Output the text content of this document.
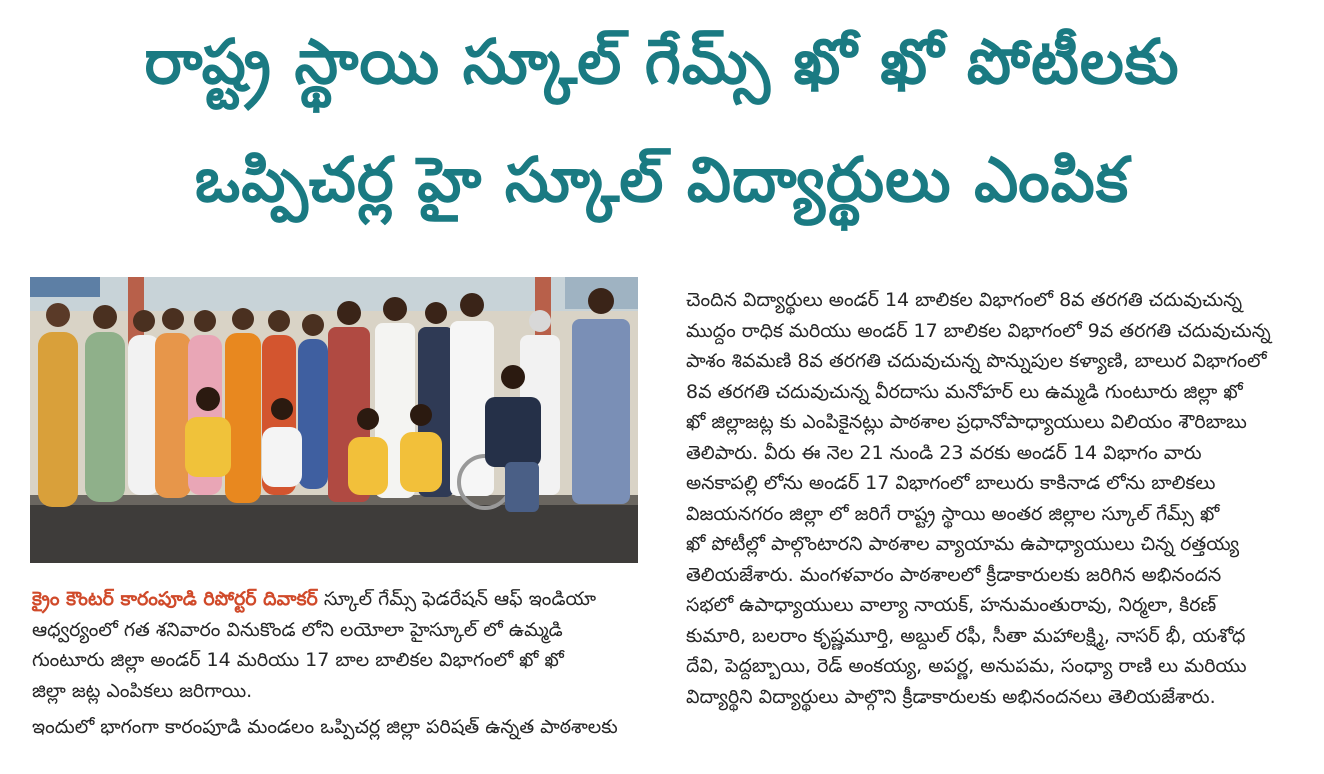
రాష్ట్ర స్థాయి స్కూల్ గేమ్స్ ఖో ఖో పోటీలకు
ఒప్పిచర్ల హై స్కూల్ విద్యార్థులు ఎంపిక

క్రైం కౌంటర్ కారంపూడి రిపోర్టర్ దివాకర్ స్కూల్ గేమ్స్ ఫెడరేషన్ ఆఫ్ ఇండియా
ఆధ్వర్యంలో గత శనివారం వినుకొండ లోని లయోలా హైస్కూల్ లో ఉమ్మడి
గుంటూరు జిల్లా అండర్ 14 మరియు 17 బాల బాలికల విభాగంలో ఖో ఖో
జిల్లా జట్ల ఎంపికలు జరిగాయి.

ఇందులో భాగంగా కారంపూడి మండలం ఒప్పిచర్ల జిల్లా పరిషత్ ఉన్నత పాఠశాలకు

చెందిన విద్యార్థులు అండర్ 14 బాలికల విభాగంలో 8వ తరగతి చదువుచున్న
ముద్దం రాధిక మరియు అండర్ 17 బాలికల విభాగంలో 9వ తరగతి చదువుచున్న
పాశం శివమణి 8వ తరగతి చదువుచున్న పొన్నుపుల కళ్యాణి, బాలుర విభాగంలో
8వ తరగతి చదువుచున్న వీరదాసు మనోహర్ లు ఉమ్మడి గుంటూరు జిల్లా ఖో
ఖో జిల్లాజట్ల కు ఎంపికైనట్లు పాఠశాల ప్రధానోపాధ్యాయులు విలియం శౌరిబాబు
తెలిపారు. వీరు ఈ నెల 21 నుండి 23 వరకు అండర్ 14 విభాగం వారు
అనకాపల్లి లోను అండర్ 17 విభాగంలో బాలురు కాకినాడ లోను బాలికలు
విజయనగరం జిల్లా లో జరిగే రాష్ట్ర స్థాయి అంతర జిల్లాల స్కూల్ గేమ్స్ ఖో
ఖో పోటీల్లో పాల్గొంటారని పాఠశాల వ్యాయామ ఉపాధ్యాయులు చిన్న రత్తయ్య
తెలియజేశారు. మంగళవారం పాఠశాలలో క్రీడాకారులకు జరిగిన అభినందన
సభలో ఉపాధ్యాయులు వాల్యా నాయక్, హనుమంతురావు, నిర్మలా, కిరణ్
కుమారి, బలరాం కృష్ణమూర్తి, అబ్దుల్ రఫీ, సీతా మహాలక్ష్మి, నాసర్ భీ, యశోధ
దేవి, పెద్దబ్బాయి, రెడ్ అంకయ్య, అపర్ణ, అనుపమ, సంధ్యా రాణి లు మరియు
విద్యార్థిని విద్యార్థులు పాల్గొని క్రీడాకారులకు అభినందనలు తెలియజేశారు.
